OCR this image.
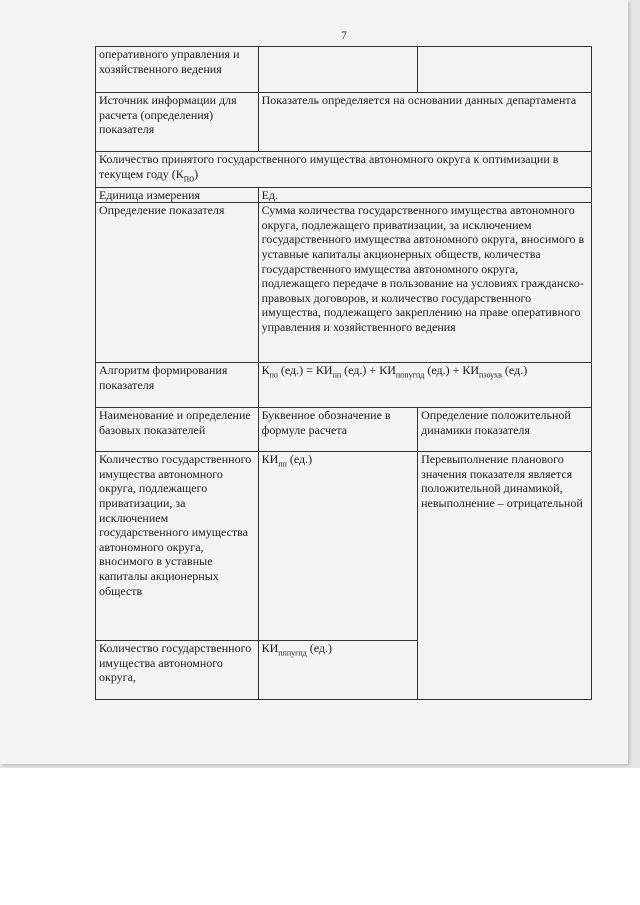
7
оперативного управления и хозяйственного ведения		
Источник информации для расчета (определения) показателя	Показатель определяется на основании данных департамента	
Количество принятого государственного имущества автономного округа к оптимизации в текущем году $(К_{по})$		
Единица измерения	Ед.	
Определение показателя	Сумма количества государственного имущества автономного округа, подлежащего приватизации, за исключением государственного имущества автономного округа, вносимого в уставные капиталы акционерных обществ, количества государственного имущества автономного округа, подлежащего передаче в пользование на условиях гражданско-правовых договоров, и количество государственного имущества, подлежащего закреплению на праве оперативного управления и хозяйственного ведения	
Алгоритм формирования показателя	$К_{по}$ $(ед.) = КИ_{пп}$ $(ед.) + КИ_{пппугпд}$ $(ед.) + КИ_{пзоухв}$ (ед.)	
Наименование и определение базовых показателей	Буквенное обозначение в формуле расчета	Определение положительной динамики показателя
Количество государственного имущества автономного округа, подлежащего приватизации, за исключением государственного имущества автономного округа, вносимого в уставные капиталы акционерных обществ	$КИ_{пп}$ (ед.)	Перевыполнение планового значения показателя является положительной динамикой, невыполнение – отрицательной
Количество государственного имущества автономного округа,	$КИ_{пппугпд}$ (ед.)	
